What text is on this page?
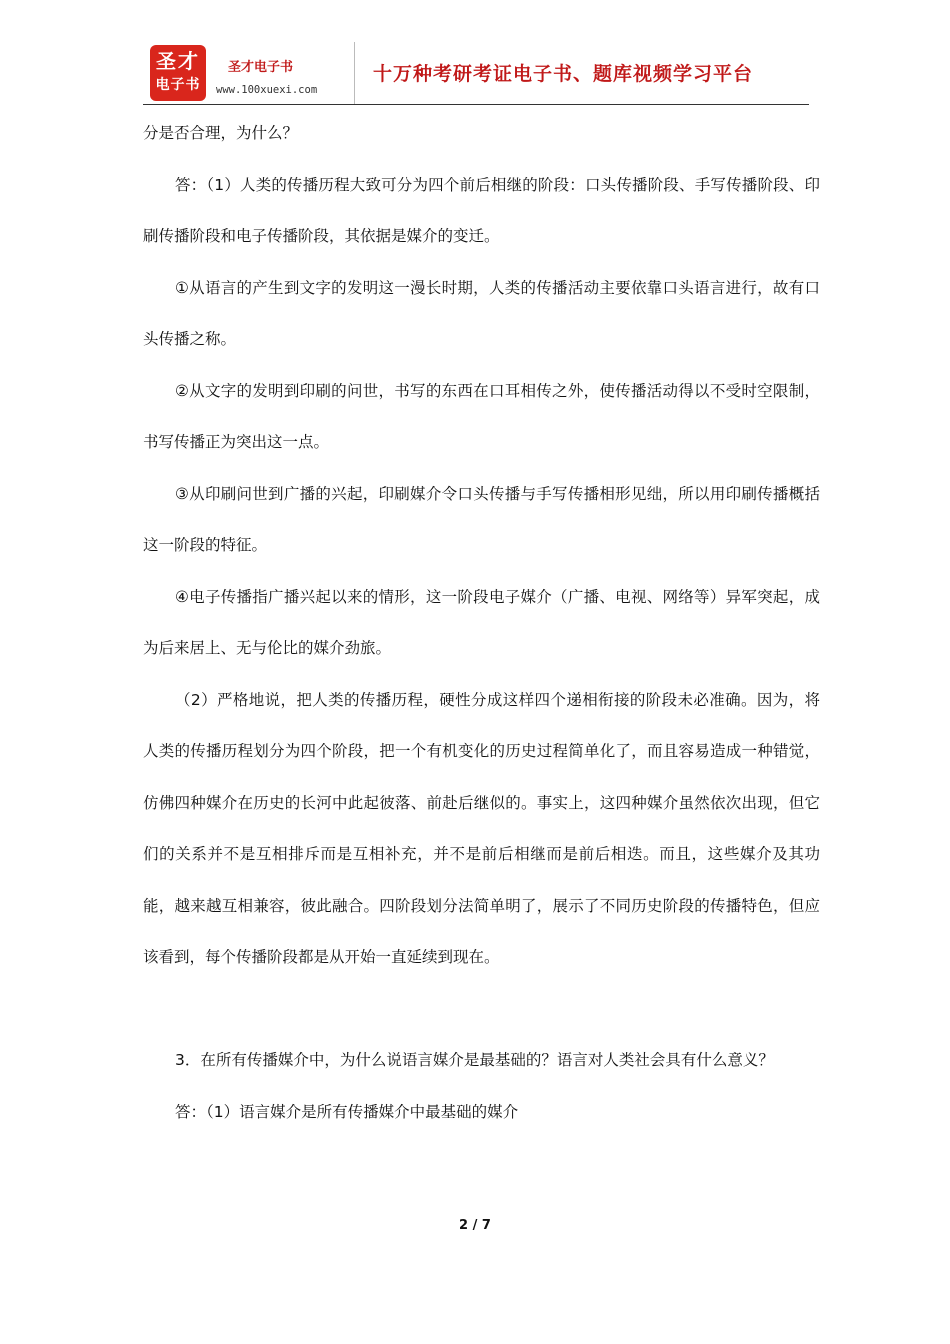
圣才
电子书
圣才电子书
www.100xuexi.com
十万种考研考证电子书、题库视频学习平台

分是否合理，为什么？

答：（1）人类的传播历程大致可分为四个前后相继的阶段：口头传播阶段、手写传播阶段、印刷传播阶段和电子传播阶段，其依据是媒介的变迁。

①从语言的产生到文字的发明这一漫长时期，人类的传播活动主要依靠口头语言进行，故有口头传播之称。

②从文字的发明到印刷的问世，书写的东西在口耳相传之外，使传播活动得以不受时空限制，书写传播正为突出这一点。

③从印刷问世到广播的兴起，印刷媒介令口头传播与手写传播相形见绌，所以用印刷传播概括这一阶段的特征。

④电子传播指广播兴起以来的情形，这一阶段电子媒介（广播、电视、网络等）异军突起，成为后来居上、无与伦比的媒介劲旅。

（2）严格地说，把人类的传播历程，硬性分成这样四个递相衔接的阶段未必准确。因为，将人类的传播历程划分为四个阶段，把一个有机变化的历史过程简单化了，而且容易造成一种错觉，仿佛四种媒介在历史的长河中此起彼落、前赴后继似的。事实上，这四种媒介虽然依次出现，但它们的关系并不是互相排斥而是互相补充，并不是前后相继而是前后相迭。而且，这些媒介及其功能，越来越互相兼容，彼此融合。四阶段划分法简单明了，展示了不同历史阶段的传播特色，但应该看到，每个传播阶段都是从开始一直延续到现在。

3．在所有传播媒介中，为什么说语言媒介是最基础的？语言对人类社会具有什么意义？

答：（1）语言媒介是所有传播媒介中最基础的媒介

2 / 7
